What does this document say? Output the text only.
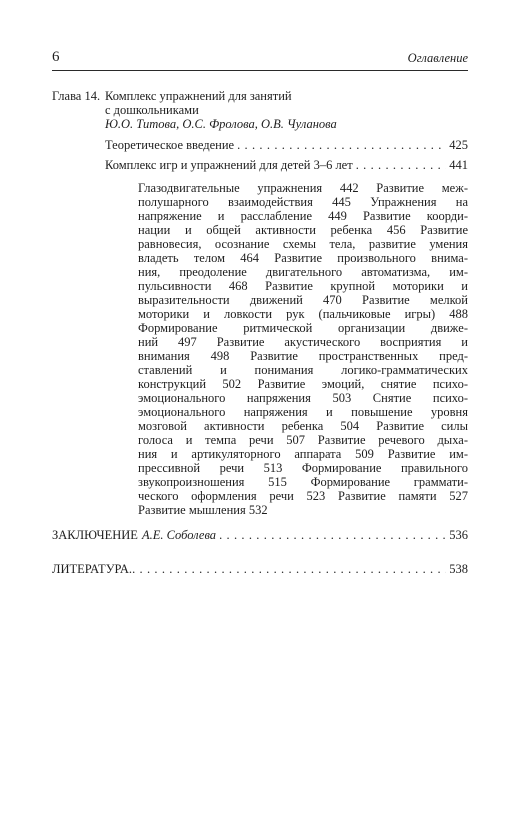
6	Оглавление
Глава 14. Комплекс упражнений для занятий
с дошкольниками
Ю.О. Титова, О.С. Фролова, О.В. Чуланова
Теоретическое введение . . .	425
Комплекс игр и упражнений для детей 3–6 лет . . .	441
Глазодвигательные упражнения 442 Развитие меж-
полушарного взаимодействия 445 Упражнения на
напряжение и расслабление 449 Развитие коорди-
нации и общей активности ребенка 456 Развитие
равновесия, осознание схемы тела, развитие умения
владеть телом 464 Развитие произвольного внима-
ния, преодоление двигательного автоматизма, им-
пульсивности 468 Развитие крупной моторики и
выразительности движений 470 Развитие мелкой
моторики и ловкости рук (пальчиковые игры) 488
Формирование ритмической организации движе-
ний 497 Развитие акустического восприятия и
внимания 498 Развитие пространственных пред-
ставлений и понимания логико-грамматических
конструкций 502 Развитие эмоций, снятие психо-
эмоционального напряжения 503 Снятие психо-
эмоционального напряжения и повышение уровня
мозговой активности ребенка 504 Развитие силы
голоса и темпа речи 507 Развитие речевого дыха-
ния и артикуляторного аппарата 509 Развитие им-
прессивной речи 513 Формирование правильного
звукопроизношения 515 Формирование граммати-
ческого оформления речи 523 Развитие памяти 527
Развитие мышления 532
ЗАКЛЮЧЕНИЕ А.Е. Соболева . . .	536
ЛИТЕРАТУРА. . . .	538
